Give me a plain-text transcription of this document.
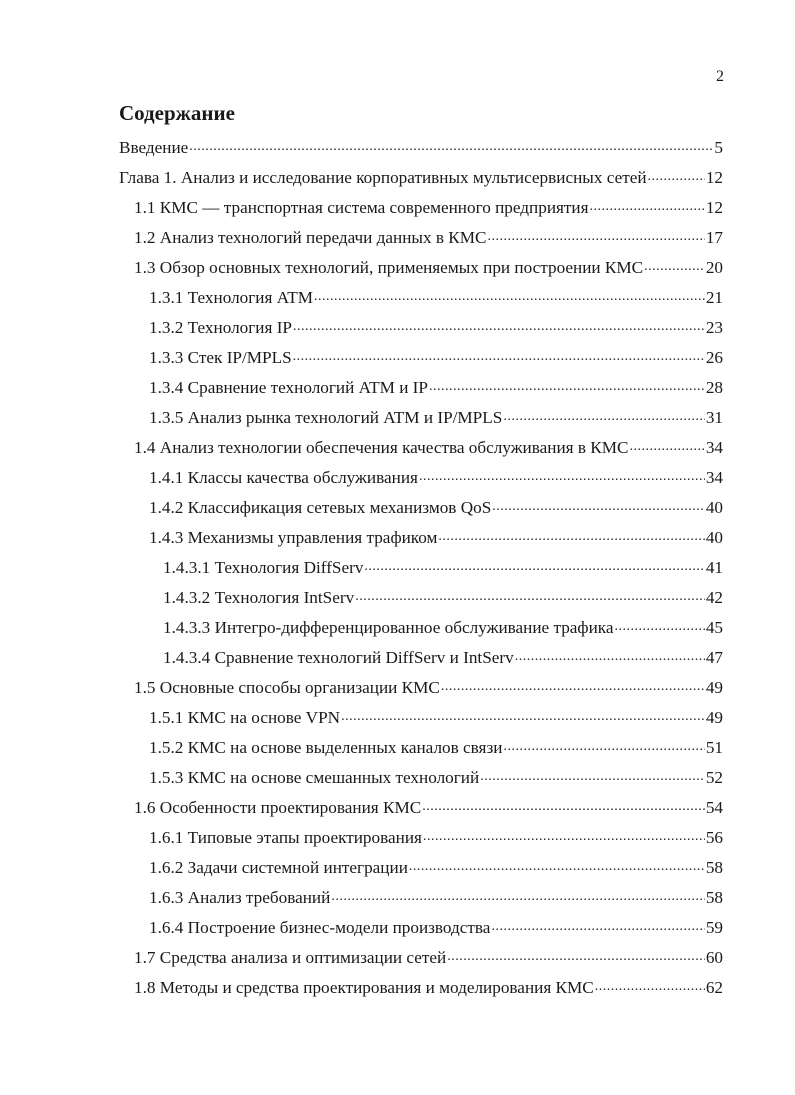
2
Содержание
Введение .....	5
Глава 1. Анализ и исследование корпоративных мультисервисных сетей .....	12
1.1 КМС — транспортная система современного предприятия .....	12
1.2 Анализ технологий передачи данных в КМС .....	17
1.3 Обзор основных технологий, применяемых при построении КМС .....	20
1.3.1 Технология ATM .....	21
1.3.2 Технология IP .....	23
1.3.3 Стек IP/MPLS .....	26
1.3.4 Сравнение технологий ATM и IP .....	28
1.3.5 Анализ рынка технологий ATM и IP/MPLS .....	31
1.4 Анализ технологии обеспечения качества обслуживания в КМС .....	34
1.4.1 Классы качества обслуживания .....	34
1.4.2 Классификация сетевых механизмов QoS .....	40
1.4.3 Механизмы управления трафиком .....	40
1.4.3.1 Технология DiffServ .....	41
1.4.3.2 Технология IntServ .....	42
1.4.3.3 Интегро-дифференцированное обслуживание трафика .....	45
1.4.3.4 Сравнение технологий DiffServ и IntServ .....	47
1.5 Основные способы организации КМС .....	49
1.5.1 КМС на основе VPN .....	49
1.5.2 КМС на основе выделенных каналов связи .....	51
1.5.3 КМС на основе смешанных технологий .....	52
1.6 Особенности проектирования КМС .....	54
1.6.1 Типовые этапы проектирования .....	56
1.6.2 Задачи системной интеграции .....	58
1.6.3 Анализ требований .....	58
1.6.4 Построение бизнес-модели производства .....	59
1.7 Средства анализа и оптимизации сетей .....	60
1.8 Методы и средства проектирования и моделирования КМС .....	62
